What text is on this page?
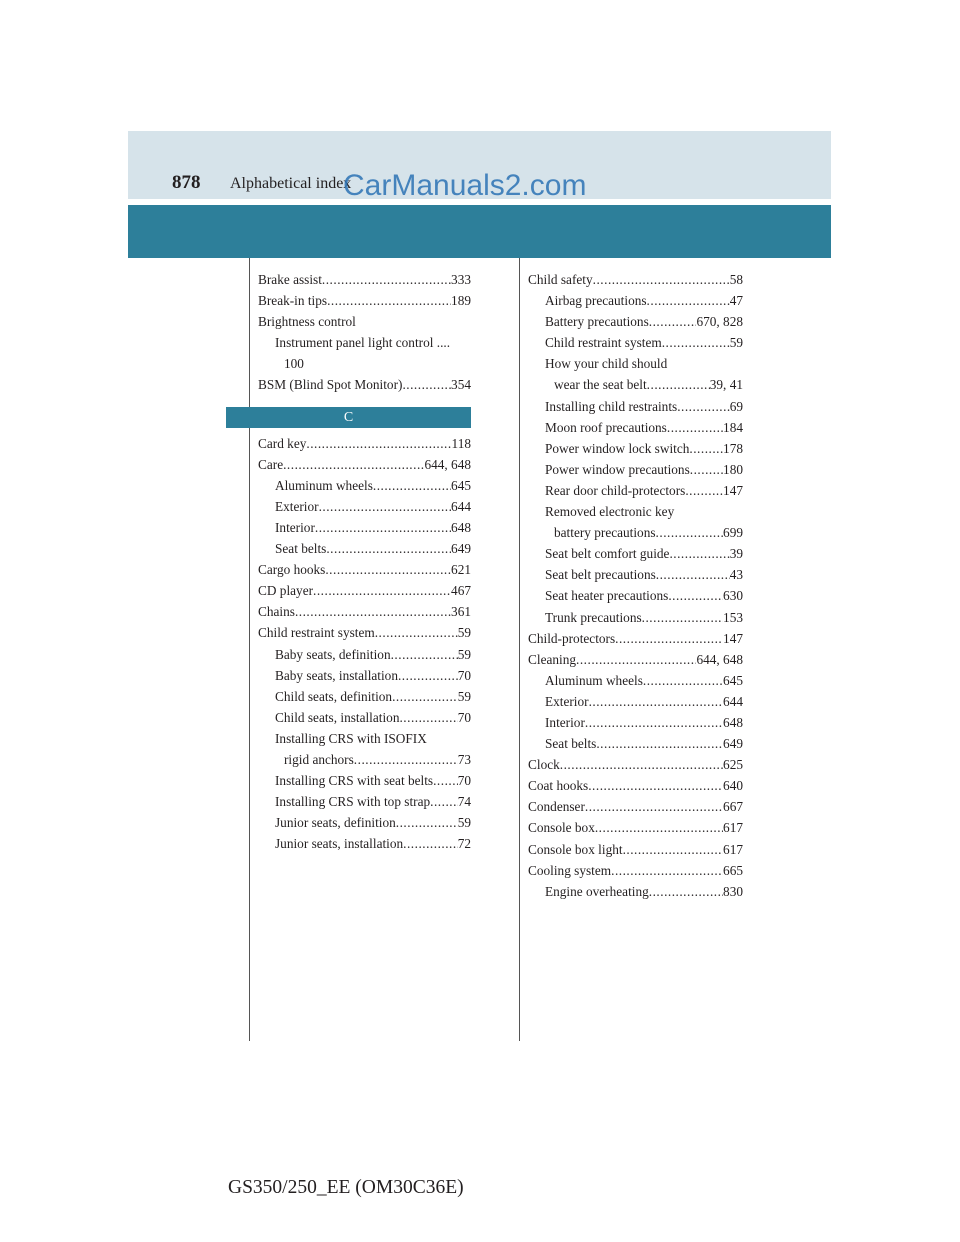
878 Alphabetical index
CarManuals2.com
Brake assist .....	333
Break-in tips .....	189
Brightness control
Instrument panel light control ....
100
BSM (Blind Spot Monitor) .....	354
C
Card key .....	118
Care .....	644, 648
Aluminum wheels .....	645
Exterior .....	644
Interior .....	648
Seat belts .....	649
Cargo hooks .....	621
CD player .....	467
Chains .....	361
Child restraint system .....	59
Baby seats, definition .....	59
Baby seats, installation .....	70
Child seats, definition .....	59
Child seats, installation .....	70
Installing CRS with ISOFIX
rigid anchors .....	73
Installing CRS with seat belts ..... 70
Installing CRS with top strap ..... 74
Junior seats, definition .....	59
Junior seats, installation .....	72
Child safety .....	58
Airbag precautions .....	47
Battery precautions .....	670, 828
Child restraint system .....	59
How your child should
wear the seat belt .....	39, 41
Installing child restraints .....	69
Moon roof precautions .....	184
Power window lock switch .....	178
Power window precautions .....	180
Rear door child-protectors .....	147
Removed electronic key
battery precautions .....	699
Seat belt comfort guide .....	39
Seat belt precautions .....	43
Seat heater precautions .....	630
Trunk precautions .....	153
Child-protectors .....	147
Cleaning .....	644, 648
Aluminum wheels .....	645
Exterior .....	644
Interior .....	648
Seat belts .....	649
Clock .....	625
Coat hooks .....	640
Condenser .....	667
Console box .....	617
Console box light .....	617
Cooling system .....	665
Engine overheating .....	830
GS350/250_EE (OM30C36E)
